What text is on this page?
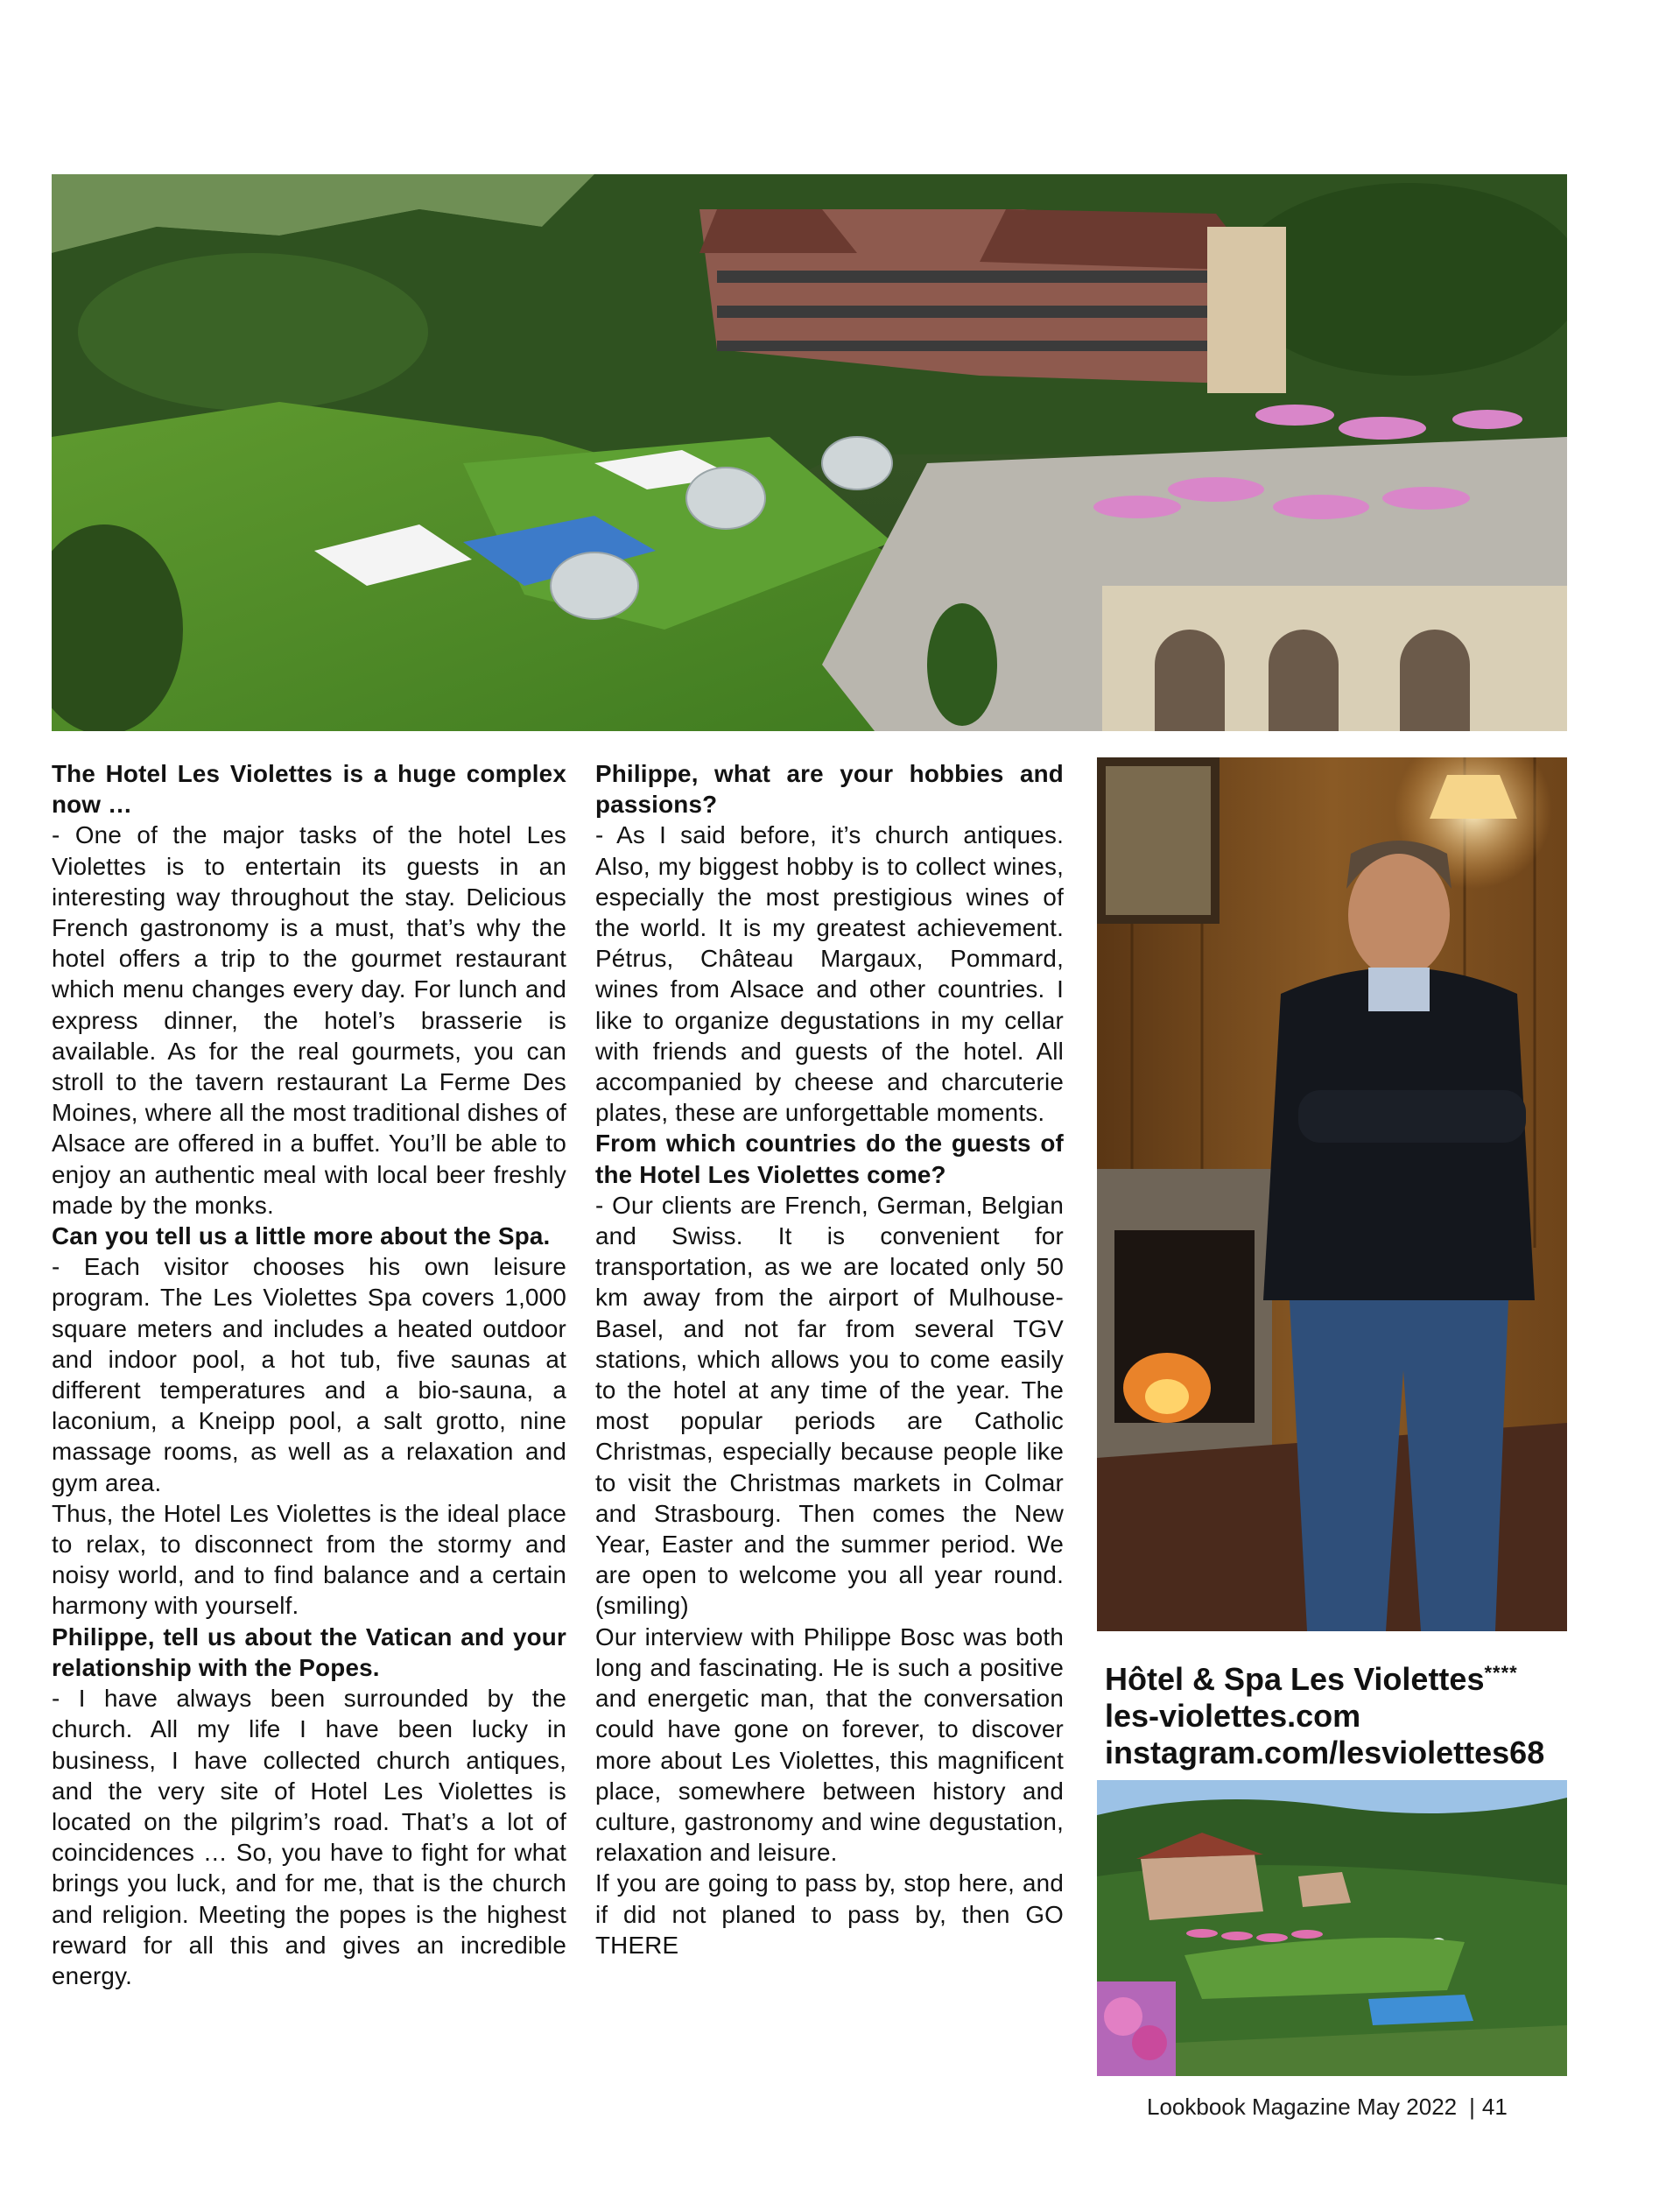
The Hotel Les Violettes is a huge complex now …

- One of the major tasks of the hotel Les Violettes is to entertain its guests in an interesting way throughout the stay. Delicious French gastronomy is a must, that’s why the hotel offers a trip to the gourmet restaurant which menu changes every day. For lunch and express dinner, the hotel’s brasserie is available. As for the real gourmets, you can stroll to the tavern restaurant La Ferme Des Moines, where all the most traditional dishes of Alsace are offered in a buffet. You’ll be able to enjoy an authentic meal with local beer freshly made by the monks.

Can you tell us a little more about the Spa.

- Each visitor chooses his own leisure program. The Les Violettes Spa covers 1,000 square meters and includes a heated outdoor and indoor pool, a hot tub, five saunas at different temperatures and a bio-sauna, a laconium, a Kneipp pool, a salt grotto, nine massage rooms, as well as a relaxation and gym area.

Thus, the Hotel Les Violettes is the ideal place to relax, to disconnect from the stormy and noisy world, and to find balance and a certain harmony with yourself.

Philippe, tell us about the Vatican and your relationship with the Popes.

- I have always been surrounded by the church. All my life I have been lucky in business, I have collected church antiques, and the very site of Hotel Les Violettes is located on the pilgrim’s road. That’s a lot of coincidences … So, you have to fight for what brings you luck, and for me, that is the church and religion. Meeting the popes is the highest reward for all this and gives an incredible energy.

Philippe, what are your hobbies and passions?

- As I said before, it’s church antiques. Also, my biggest hobby is to collect wines, especially the most prestigious wines of the world. It is my greatest achievement. Pétrus, Château Margaux, Pommard, wines from Alsace and other countries. I like to organize degustations in my cellar with friends and guests of the hotel. All accompanied by cheese and charcuterie plates, these are unforgettable moments.

From which countries do the guests of the Hotel Les Violettes come?

- Our clients are French, German, Belgian and Swiss. It is convenient for transportation, as we are located only 50 km away from the airport of Mulhouse-Basel, and not far from several TGV stations, which allows you to come easily to the hotel at any time of the year. The most popular periods are Catholic Christmas, especially because people like to visit the Christmas markets in Colmar and Strasbourg. Then comes the New Year, Easter and the summer period. We are open to welcome you all year round. (smiling)

Our interview with Philippe Bosc was both long and fascinating. He is such a positive and energetic man, that the conversation could have gone on forever, to discover more about Les Violettes, this magnificent place, somewhere between history and culture, gastronomy and wine degustation, relaxation and leisure.

If you are going to pass by, stop here, and if did not planed to pass by, then GO THERE

Hôtel & Spa Les Violettes****
les-violettes.com
instagram.com/lesviolettes68
Lookbook Magazine May 2022 | 41
